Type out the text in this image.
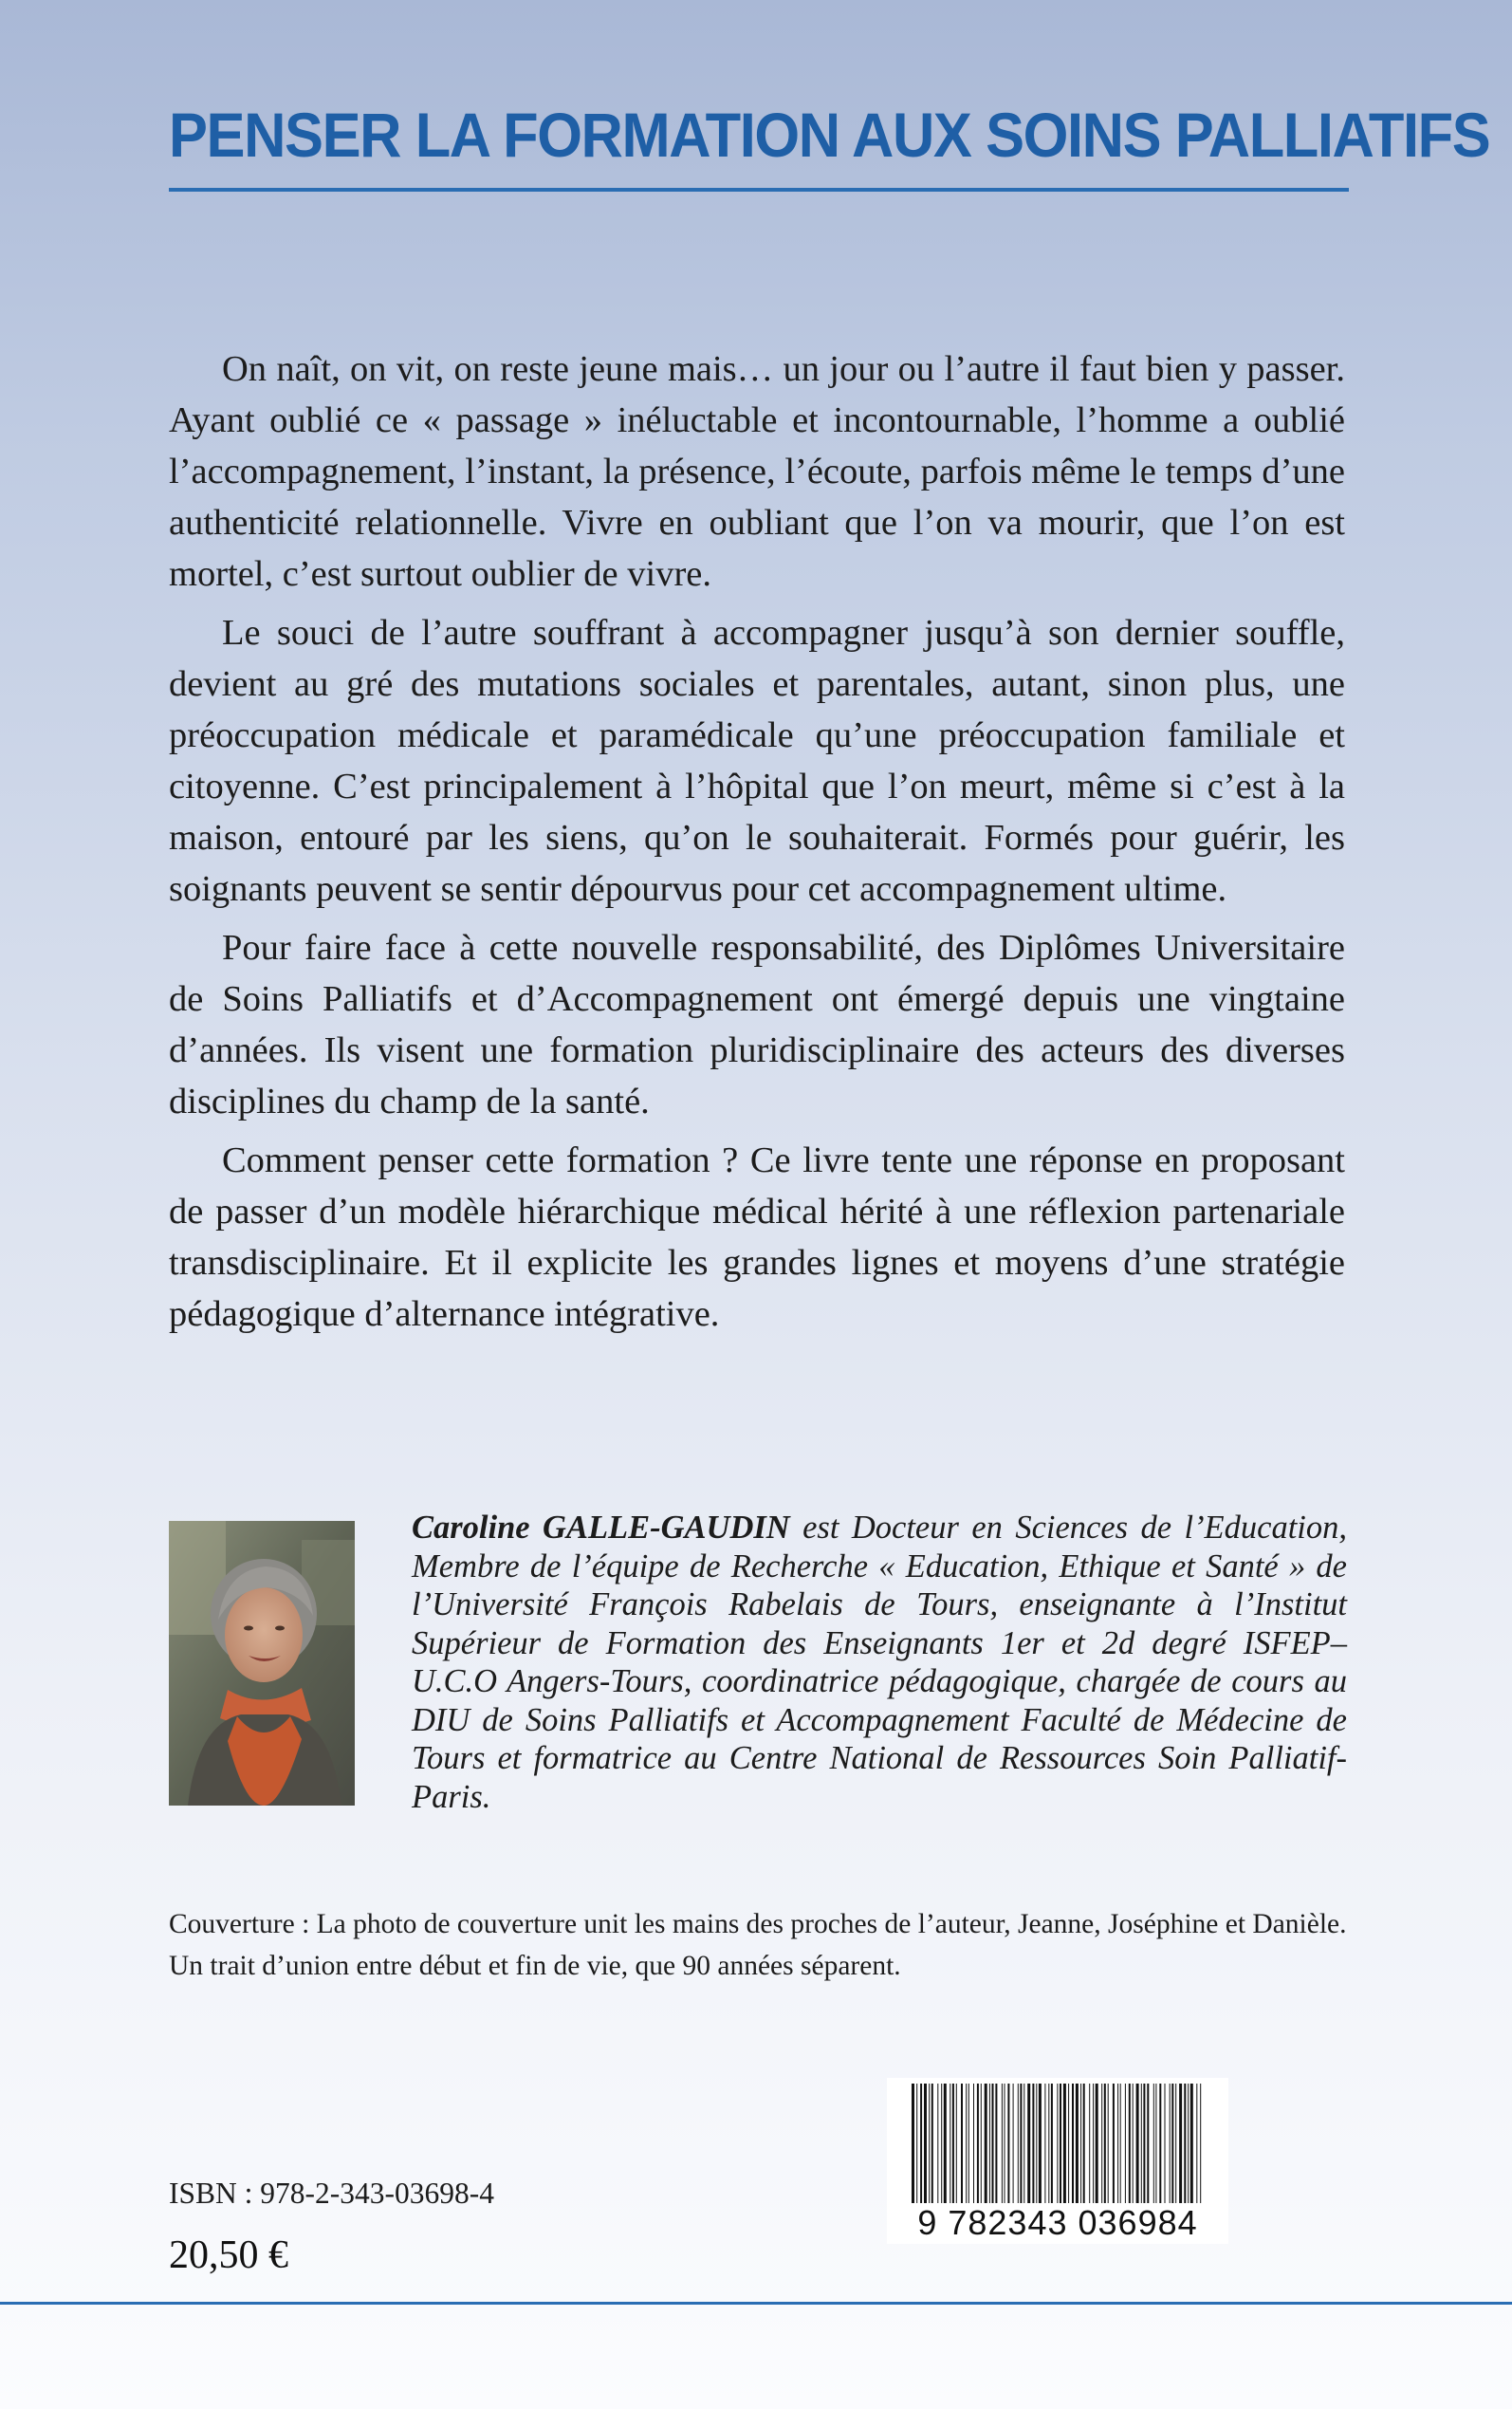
PENSER LA FORMATION AUX SOINS PALLIATIFS

On naît, on vit, on reste jeune mais… un jour ou l’autre il faut bien y passer. Ayant oublié ce « passage » inéluctable et incontournable, l’homme a oublié l’accompagnement, l’instant, la présence, l’écoute, parfois même le temps d’une authenticité relationnelle. Vivre en oubliant que l’on va mourir, que l’on est mortel, c’est surtout oublier de vivre.

Le souci de l’autre souffrant à accompagner jusqu’à son dernier souffle, devient au gré des mutations sociales et parentales, autant, sinon plus, une préoccupation médicale et paramédicale qu’une préoccupation familiale et citoyenne. C’est principalement à l’hôpital que l’on meurt, même si c’est à la maison, entouré par les siens, qu’on le souhaiterait. Formés pour guérir, les soignants peuvent se sentir dépourvus pour cet accompagnement ultime.

Pour faire face à cette nouvelle responsabilité, des Diplômes Universitaire de Soins Palliatifs et d’Accompagnement ont émergé depuis une vingtaine d’années. Ils visent une formation pluridisciplinaire des acteurs des diverses disciplines du champ de la santé.

Comment penser cette formation ? Ce livre tente une réponse en proposant de passer d’un modèle hiérarchique médical hérité à une réflexion partenariale transdisciplinaire. Et il explicite les grandes lignes et moyens d’une stratégie pédagogique d’alternance intégrative.

Caroline GALLE-GAUDIN est Docteur en Sciences de l’Education, Membre de l’équipe de Recherche « Education, Ethique et Santé » de l’Université François Rabelais de Tours, enseignante à l’Institut Supérieur de Formation des Enseignants 1er et 2d degré ISFEP–U.C.O Angers-Tours, coordinatrice pédagogique, chargée de cours au DIU de Soins Palliatifs et Accompagnement Faculté de Médecine de Tours et formatrice au Centre National de Ressources Soin Palliatif- Paris.

Couverture : La photo de couverture unit les mains des proches de l’auteur, Jeanne, Joséphine et Danièle. Un trait d’union entre début et fin de vie, que 90 années séparent.

ISBN : 978-2-343-03698-4

20,50 €

9 782343 036984
